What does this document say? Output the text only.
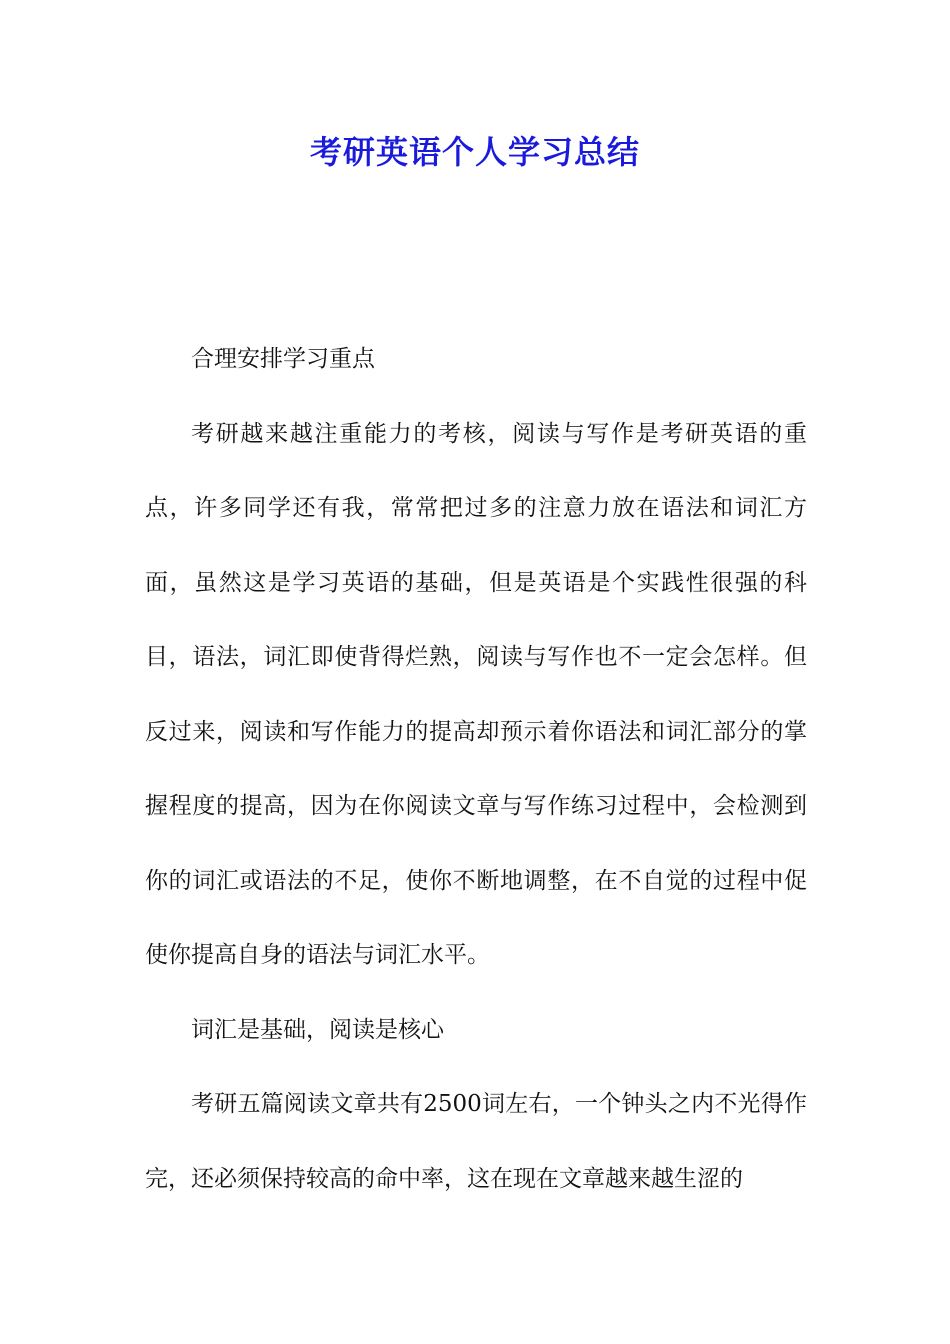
考研英语个人学习总结

合理安排学习重点

考研越来越注重能力的考核，阅读与写作是考研英语的重点，许多同学还有我，常常把过多的注意力放在语法和词汇方面，虽然这是学习英语的基础，但是英语是个实践性很强的科目，语法，词汇即使背得烂熟，阅读与写作也不一定会怎样。但反过来，阅读和写作能力的提高却预示着你语法和词汇部分的掌握程度的提高，因为在你阅读文章与写作练习过程中，会检测到你的词汇或语法的不足，使你不断地调整，在不自觉的过程中促使你提高自身的语法与词汇水平。

词汇是基础，阅读是核心

考研五篇阅读文章共有2500词左右，一个钟头之内不光得作完，还必须保持较高的命中率，这在现在文章越来越生涩的
